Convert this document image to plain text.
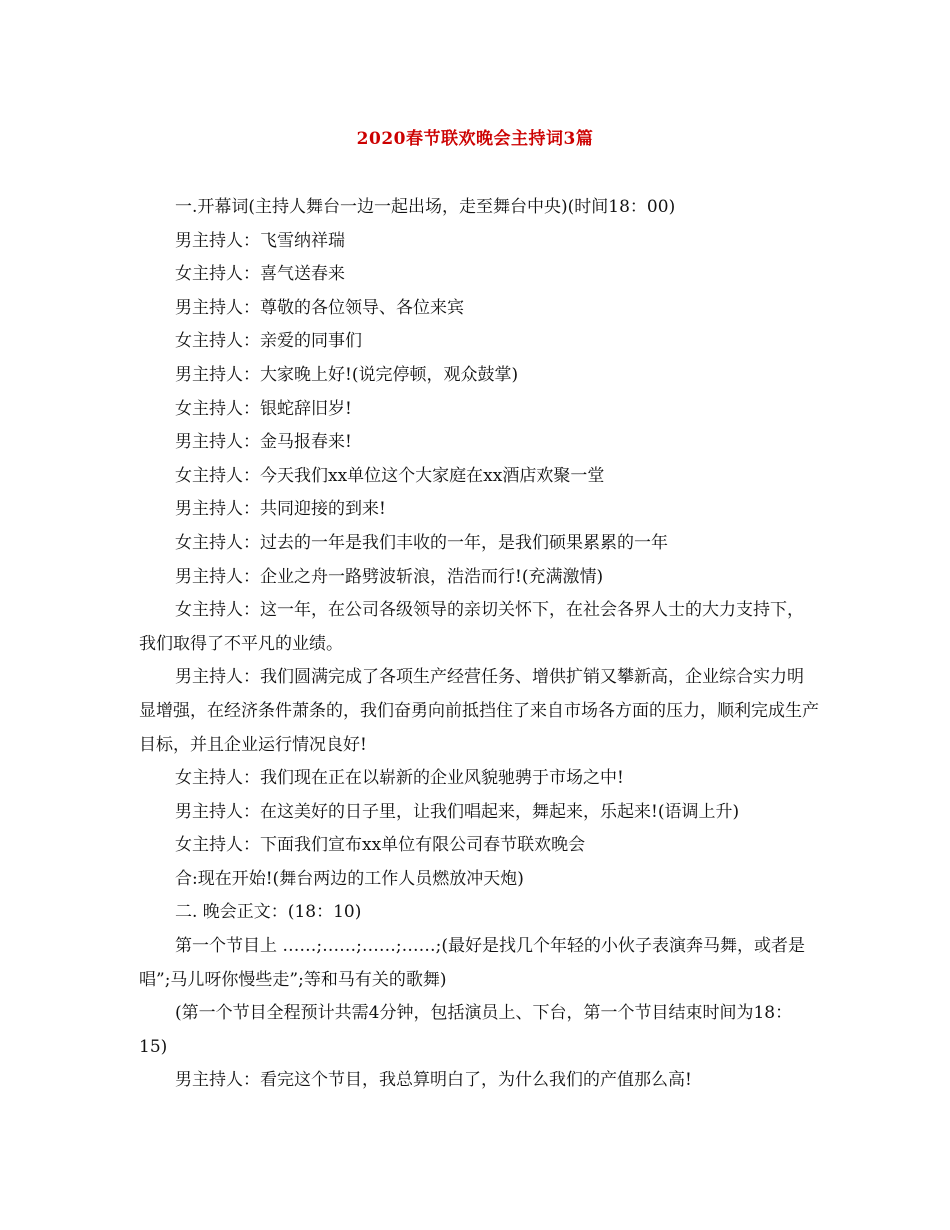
2020春节联欢晚会主持词3篇

一.开幕词(主持人舞台一边一起出场，走至舞台中央)(时间18：00)

男主持人：飞雪纳祥瑞

女主持人：喜气送春来

男主持人：尊敬的各位领导、各位来宾

女主持人：亲爱的同事们

男主持人：大家晚上好!(说完停顿，观众鼓掌)

女主持人：银蛇辞旧岁!

男主持人：金马报春来!

女主持人：今天我们xx单位这个大家庭在xx酒店欢聚一堂

男主持人：共同迎接的到来!

女主持人：过去的一年是我们丰收的一年，是我们硕果累累的一年

男主持人：企业之舟一路劈波斩浪，浩浩而行!(充满激情)

女主持人：这一年，在公司各级领导的亲切关怀下，在社会各界人士的大力支持下，我们取得了不平凡的业绩。

男主持人：我们圆满完成了各项生产经营任务、增供扩销又攀新高，企业综合实力明显增强，在经济条件萧条的，我们奋勇向前抵挡住了来自市场各方面的压力，顺利完成生产目标，并且企业运行情况良好!

女主持人：我们现在正在以崭新的企业风貌驰骋于市场之中!

男主持人：在这美好的日子里，让我们唱起来，舞起来，乐起来!(语调上升)

女主持人：下面我们宣布xx单位有限公司春节联欢晚会

合:现在开始!(舞台两边的工作人员燃放冲天炮)

二. 晚会正文：(18：10)

第一个节目上 ……;……;……;……;(最好是找几个年轻的小伙子表演奔马舞，或者是唱”;马儿呀你慢些走”;等和马有关的歌舞)

(第一个节目全程预计共需4分钟，包括演员上、下台，第一个节目结束时间为18：15)

男主持人：看完这个节目，我总算明白了，为什么我们的产值那么高!
